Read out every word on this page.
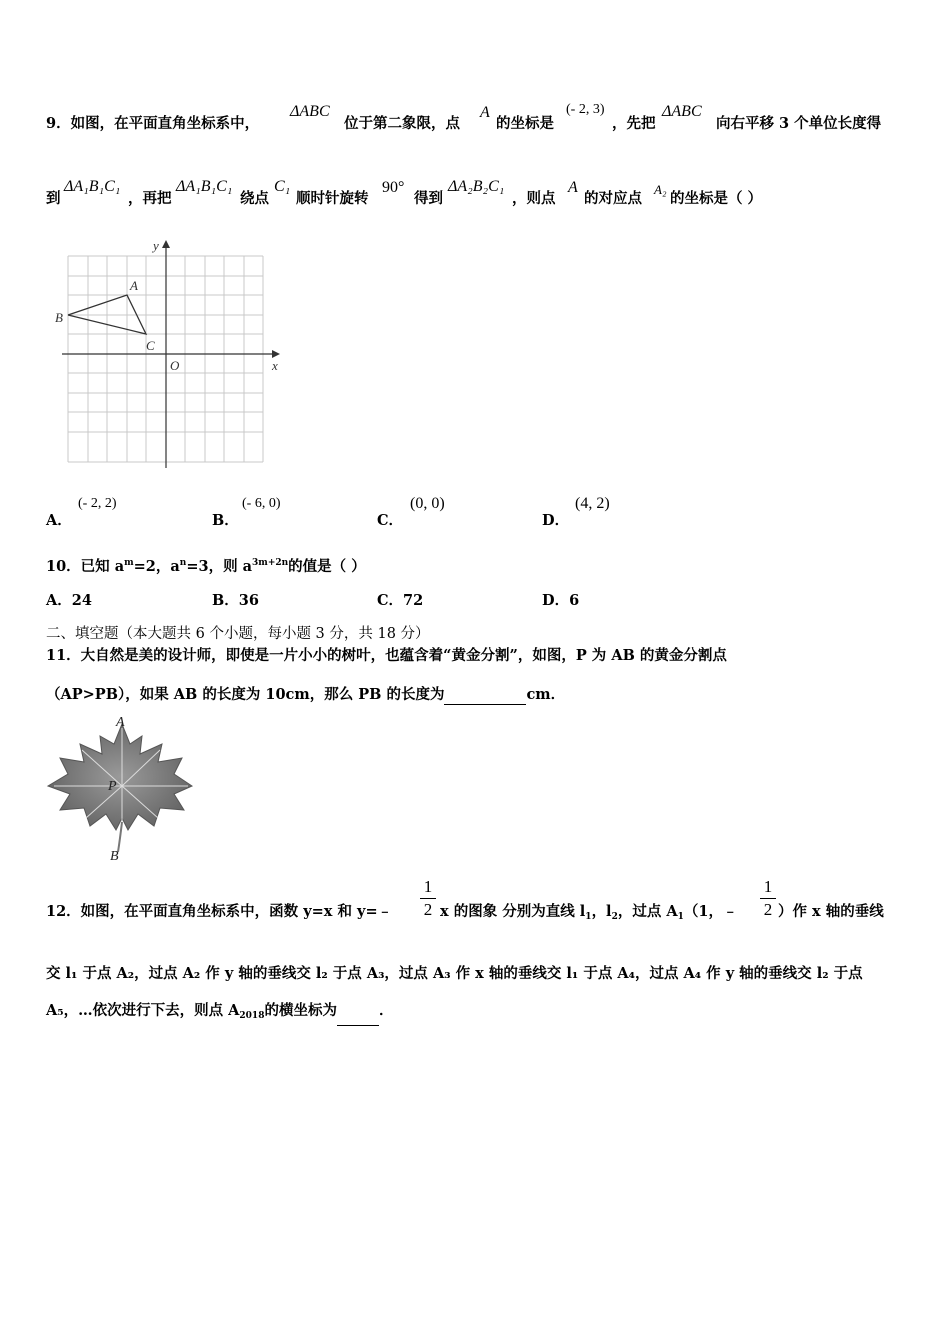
9．如图，在平面直角坐标系中，
ΔABC
位于第二象限，点
A
的坐标是
(- 2, 3)
，先把
ΔABC
向右平移 3 个单位长度得
到
ΔA₁B₁C₁
，再把
ΔA₁B₁C₁
绕点
C₁
顺时针旋转
90°
得到
ΔA₂B₂C₁
，则点
A
的对应点
A₂
的坐标是（ ）
y
x
O
A
B
C
A．
(- 2, 2)
B．
(- 6, 0)
C．
(0, 0)
D．
(4, 2)
10．已知 $a^m=2$，$a^n=3$，则 $a^{3m+2n}$的值是（ ）
A．24	B．36	C．72	D．6
二、填空题（本大题共 6 个小题，每小题 3 分，共 18 分）
11．大自然是美的设计师，即使是一片小小的树叶，也蕴含着“黄金分割”，如图，P 为 AB 的黄金分割点
（AP>PB），如果 AB 的长度为 10cm，那么 PB 的长度为	cm．
A
P
B
12．如图，在平面直角坐标系中，函数 y=x 和 y=﹣ $\frac{1}{2}$ x 的图象 分别为直线 $l_1$，$l_2$，过点 $A_1(1$，﹣ $\frac{1}{2}$ ）作 x 轴的垂线
交 l₁ 于点 A₂，过点 A₂ 作 y 轴的垂线交 l₂ 于点 A₃，过点 A₃ 作 x 轴的垂线交 l₁ 于点 A₄，过点 A₄ 作 y 轴的垂线交 l₂ 于点
A₅，…依次进行下去，则点 $A_{2018}$的横坐标为	．
